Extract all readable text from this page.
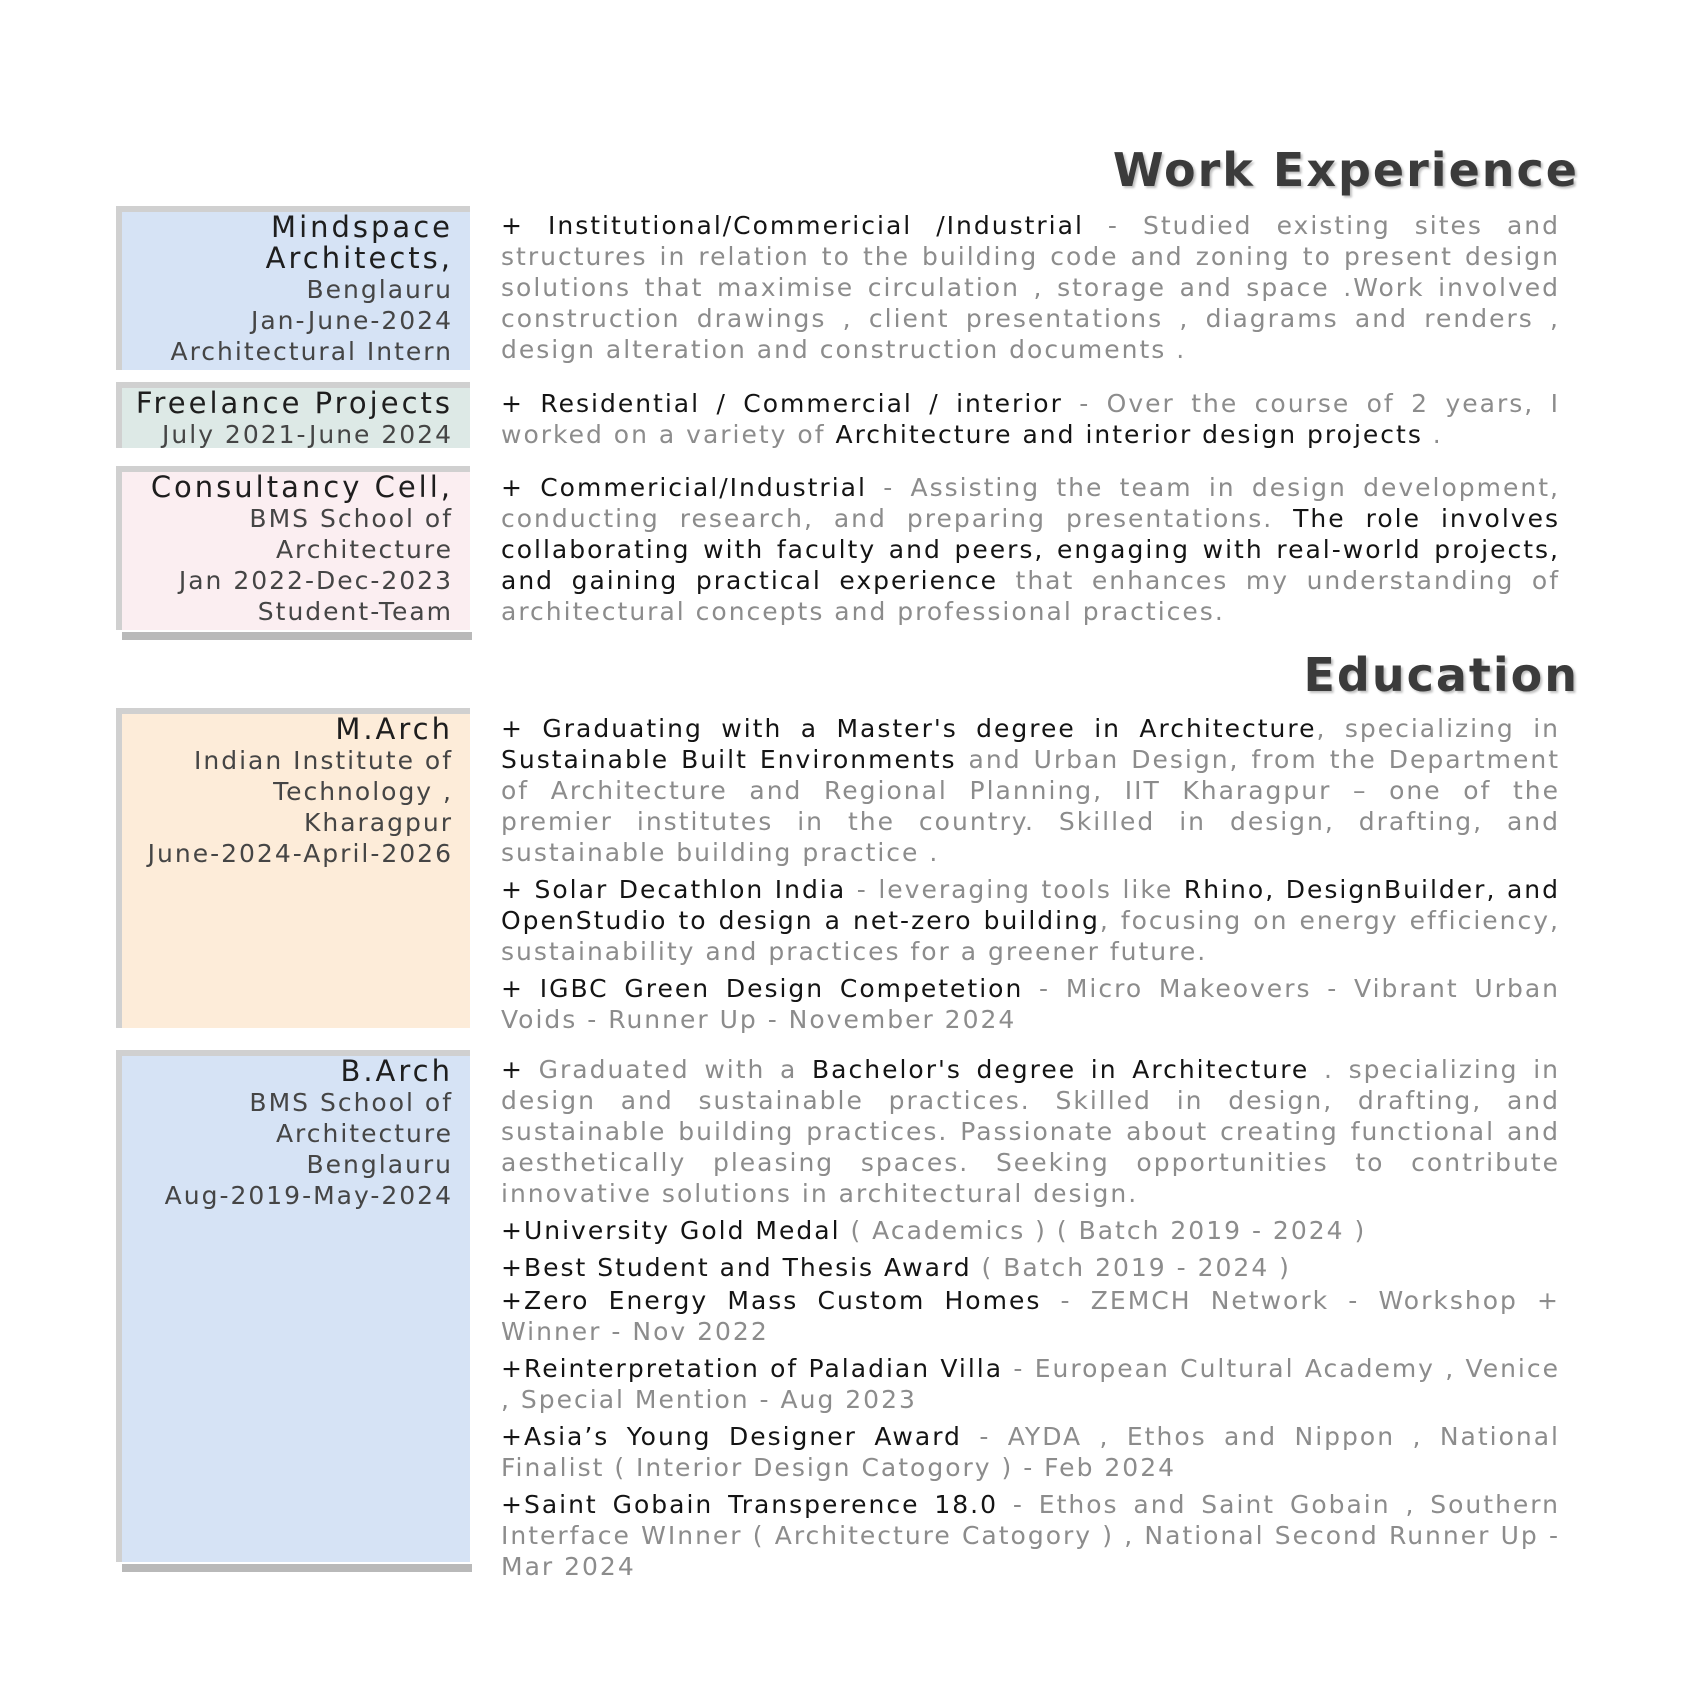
Work Experience
Mindspace
Architects,
Benglauru
Jan-June-2024
Architectural Intern
+ Institutional/Commericial /Industrial - Studied existing sites and structures in relation to the building code and zoning to present design solutions that maximise circulation , storage and space .Work involved construction drawings , client presentations , diagrams and renders , design alteration and construction documents .
Freelance Projects
July 2021-June 2024
+ Residential / Commercial / interior - Over the course of 2 years, I worked on a variety of Architecture and interior design projects .
Consultancy Cell,
BMS School of
Architecture
Jan 2022-Dec-2023
Student-Team
+ Commericial/Industrial - Assisting the team in design development, conducting research, and preparing presentations. The role involves collaborating with faculty and peers, engaging with real-world projects, and gaining practical experience that enhances my understanding of architectural concepts and professional practices.
Education
M.Arch
Indian Institute of
Technology ,
Kharagpur
June-2024-April-2026
+ Graduating with a Master's degree in Architecture, specializing in Sustainable Built Environments and Urban Design, from the Department of Architecture and Regional Planning, IIT Kharagpur – one of the premier institutes in the country. Skilled in design, drafting, and sustainable building practice .
+ Solar Decathlon India - leveraging tools like Rhino, DesignBuilder, and OpenStudio to design a net-zero building, focusing on energy efficiency, sustainability and practices for a greener future.
+ IGBC Green Design Competetion - Micro Makeovers - Vibrant Urban Voids - Runner Up - November 2024
B.Arch
BMS School of
Architecture
Benglauru
Aug-2019-May-2024
+ Graduated with a Bachelor's degree in Architecture . specializing in design and sustainable practices. Skilled in design, drafting, and sustainable building practices. Passionate about creating functional and aesthetically pleasing spaces. Seeking opportunities to contribute innovative solutions in architectural design.
+University Gold Medal ( Academics ) ( Batch 2019 - 2024 )
+Best Student and Thesis Award ( Batch 2019 - 2024 )
+Zero Energy Mass Custom Homes - ZEMCH Network - Workshop + Winner - Nov 2022
+Reinterpretation of Paladian Villa - European Cultural Academy , Venice , Special Mention - Aug 2023
+Asia’s Young Designer Award - AYDA , Ethos and Nippon , National Finalist ( Interior Design Catogory ) - Feb 2024
+Saint Gobain Transperence 18.0 - Ethos and Saint Gobain , Southern Interface WInner ( Architecture Catogory ) , National Second Runner Up - Mar 2024
